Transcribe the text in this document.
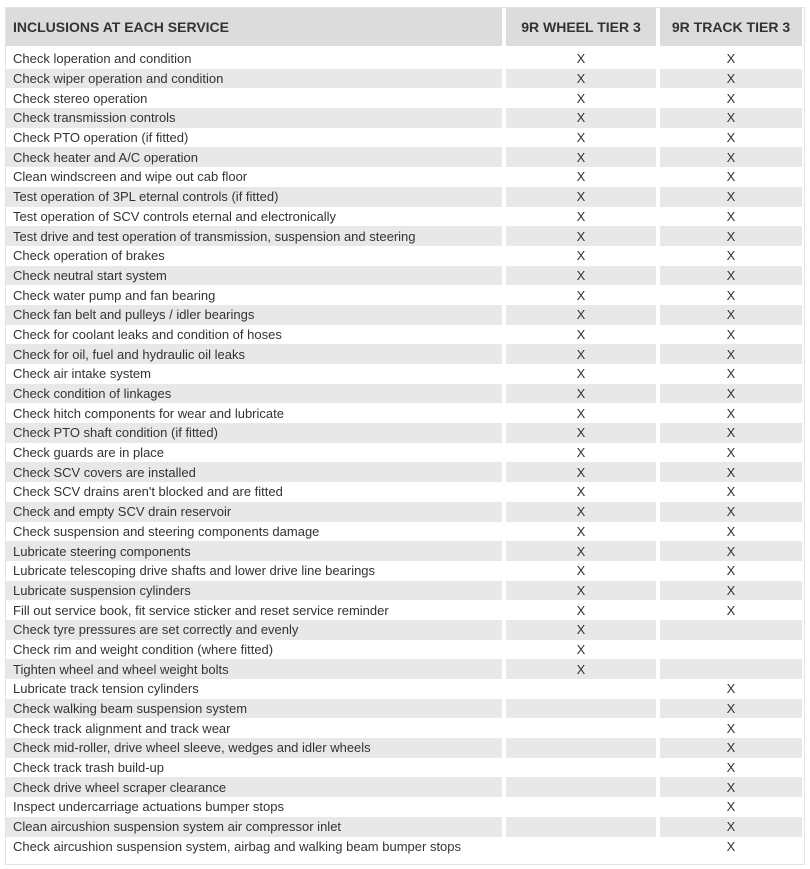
INCLUSIONS AT EACH SERVICE	9R WHEEL TIER 3	9R TRACK TIER 3
Check loperation and condition	X	X
Check wiper operation and condition	X	X
Check stereo operation	X	X
Check transmission controls	X	X
Check PTO operation (if fitted)	X	X
Check heater and A/C operation	X	X
Clean windscreen and wipe out cab floor	X	X
Test operation of 3PL eternal controls (if fitted)	X	X
Test operation of SCV controls eternal and electronically	X	X
Test drive and test operation of transmission, suspension and steering	X	X
Check operation of brakes	X	X
Check neutral start system	X	X
Check water pump and fan bearing	X	X
Check fan belt and pulleys / idler bearings	X	X
Check for coolant leaks and condition of hoses	X	X
Check for oil, fuel and hydraulic oil leaks	X	X
Check air intake system	X	X
Check condition of linkages	X	X
Check hitch components for wear and lubricate	X	X
Check PTO shaft condition (if fitted)	X	X
Check guards are in place	X	X
Check SCV covers are installed	X	X
Check SCV drains aren't blocked and are fitted	X	X
Check and empty SCV drain reservoir	X	X
Check suspension and steering components damage	X	X
Lubricate steering components	X	X
Lubricate telescoping drive shafts and lower drive line bearings	X	X
Lubricate suspension cylinders	X	X
Fill out service book, fit service sticker and reset service reminder	X	X
Check tyre pressures are set correctly and evenly	X	
Check rim and weight condition (where fitted)	X	
Tighten wheel and wheel weight bolts	X	
Lubricate track tension cylinders		X
Check walking beam suspension system		X
Check track alignment and track wear		X
Check mid-roller, drive wheel sleeve, wedges and idler wheels		X
Check track trash build-up		X
Check drive wheel scraper clearance		X
Inspect undercarriage actuations bumper stops		X
Clean aircushion suspension system air compressor inlet		X
Check aircushion suspension system, airbag and walking beam bumper stops		X
